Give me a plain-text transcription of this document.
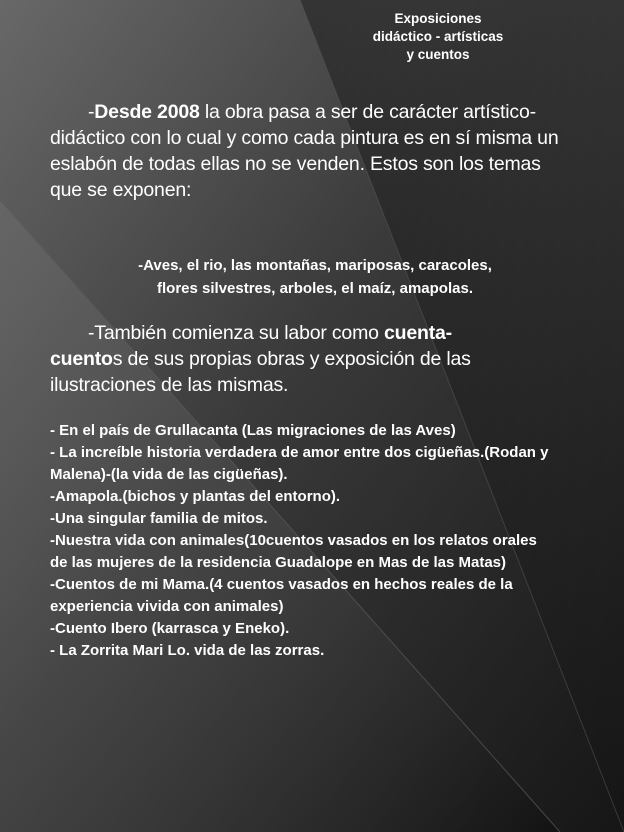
Exposiciones
didáctico - artísticas
y cuentos
-Desde 2008 la obra pasa a ser de carácter artístico- didáctico con lo cual y como cada pintura es en sí misma un eslabón de todas ellas no se venden. Estos son los temas que se exponen:
-Aves, el rio, las montañas, mariposas, caracoles,
flores silvestres, arboles, el maíz, amapolas.
-También comienza su labor como cuenta-
cuentos de sus propias obras y exposición de las ilustraciones de las mismas.
- En el país de Grullacanta (Las migraciones de las Aves)
- La increíble historia verdadera de amor entre dos cigüeñas.(Rodan y Malena)-(la vida de las cigüeñas).
-Amapola.(bichos y plantas del entorno).
-Una singular familia de mitos.
-Nuestra vida con animales(10cuentos vasados en los relatos orales de las mujeres de la residencia Guadalope en Mas de las Matas)
-Cuentos de mi Mama.(4 cuentos vasados en hechos reales de la experiencia vivida con animales)
-Cuento Ibero (karrasca y Eneko).
- La Zorrita Mari Lo. vida de las zorras.
